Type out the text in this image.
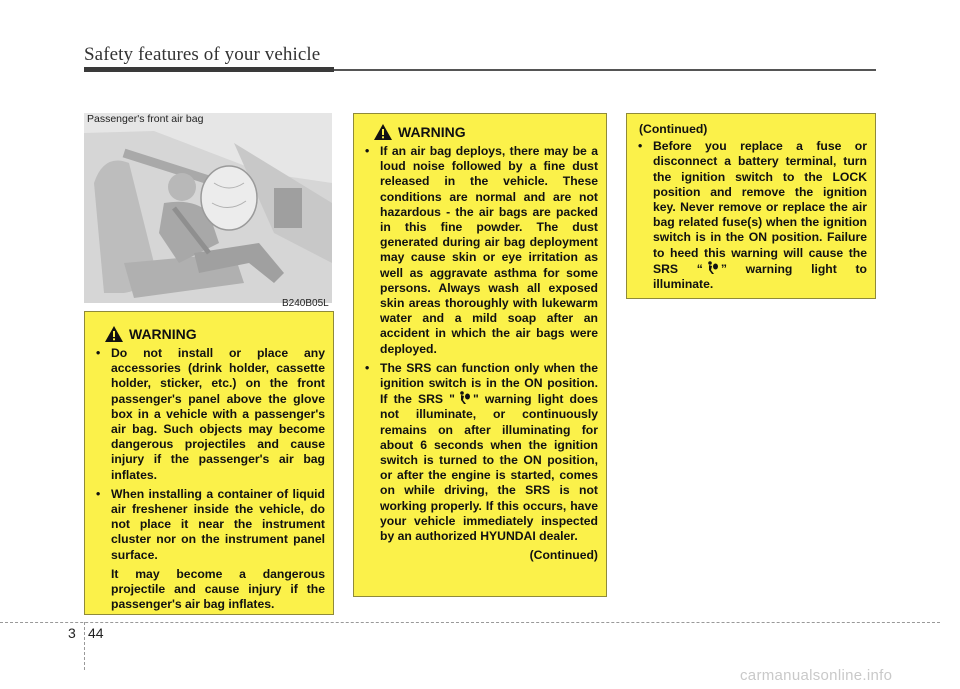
Safety features of your vehicle
Passenger's front air bag
B240B05L
WARNING
• Do not install or place any accessories (drink holder, cassette holder, sticker, etc.) on the front passenger's panel above the glove box in a vehicle with a passenger's air bag. Such objects may become dangerous projectiles and cause injury if the passenger's air bag inflates.
• When installing a container of liquid air freshener inside the vehicle, do not place it near the instrument cluster nor on the instrument panel surface.
It may become a dangerous projectile and cause injury if the passenger's air bag inflates.
WARNING
• If an air bag deploys, there may be a loud noise followed by a fine dust released in the vehicle. These conditions are normal and are not hazardous - the air bags are packed in this fine powder. The dust generated during air bag deployment may cause skin or eye irritation as well as aggravate asthma for some persons. Always wash all exposed skin areas thoroughly with lukewarm water and a mild soap after an accident in which the air bags were deployed.
• The SRS can function only when the ignition switch is in the ON position. If the SRS " " warning light does not illuminate, or continuously remains on after illuminating for about 6 seconds when the ignition switch is turned to the ON position, or after the engine is started, comes on while driving, the SRS is not working properly. If this occurs, have your vehicle immediately inspected by an authorized HYUNDAI dealer.
(Continued)
(Continued)
• Before you replace a fuse or disconnect a battery terminal, turn the ignition switch to the LOCK position and remove the ignition key. Never remove or replace the air bag related fuse(s) when the ignition switch is in the ON position. Failure to heed this warning will cause the SRS “ ” warning light to illuminate.
3 44
carmanualsonline.info
